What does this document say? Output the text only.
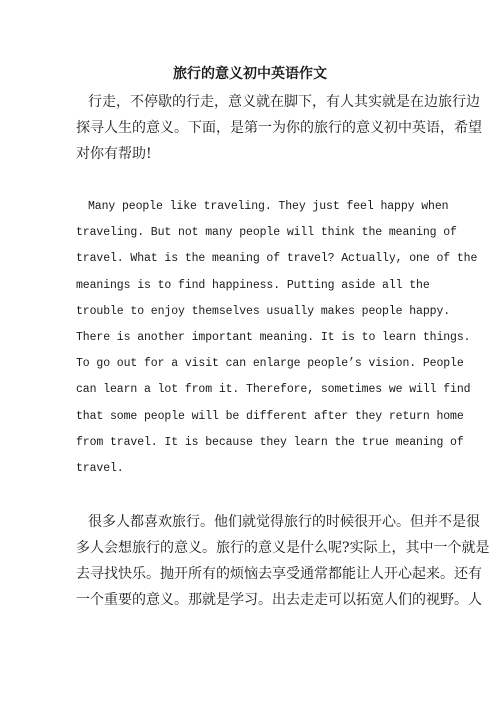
旅行的意义初中英语作文

行走，不停歇的行走，意义就在脚下，有人其实就是在边旅行边
探寻人生的意义。下面，是第一为你的旅行的意义初中英语，希望
对你有帮助!

Many people like traveling. They just feel happy when
traveling. But not many people will think the meaning of
travel. What is the meaning of travel? Actually, one of the
meanings is to find happiness. Putting aside all the
trouble to enjoy themselves usually makes people happy.
There is another important meaning. It is to learn things.
To go out for a visit can enlarge people’s vision. People
can learn a lot from it. Therefore, sometimes we will find
that some people will be different after they return home
from travel. It is because they learn the true meaning of
travel.

很多人都喜欢旅行。他们就觉得旅行的时候很开心。但并不是很
多人会想旅行的意义。旅行的意义是什么呢?实际上，其中一个就是
去寻找快乐。抛开所有的烦恼去享受通常都能让人开心起来。还有
一个重要的意义。那就是学习。出去走走可以拓宽人们的视野。人
